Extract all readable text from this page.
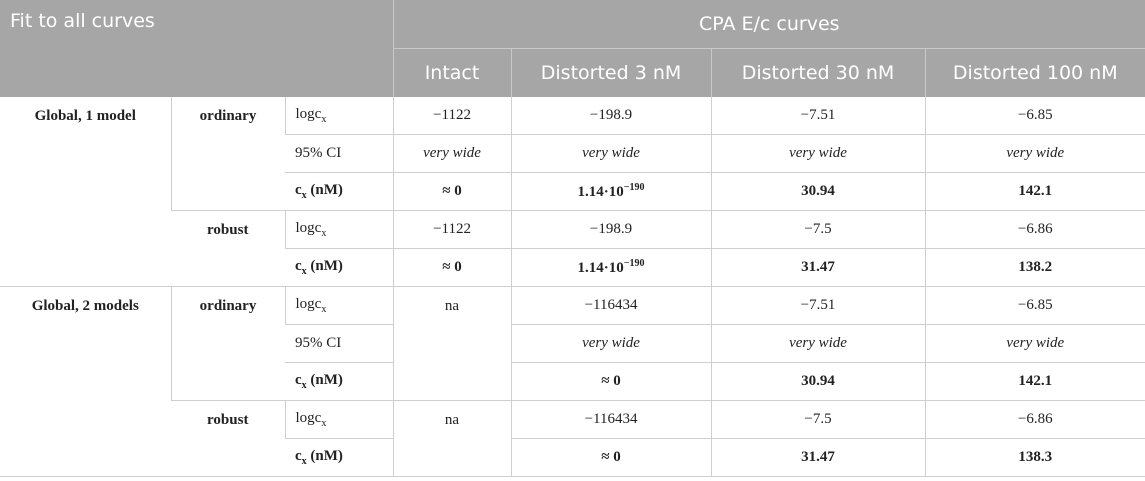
Fit to all curves			CPA E/c curves			
			Intact	Distorted 3 nM	Distorted 30 nM	Distorted 100 nM
Global, 1 model	ordinary	logc$_x$	−1122	−198.9	−7.51	−6.85
		95% CI	very wide	very wide	very wide	very wide
		$c_x$ (nM)	≈ 0	$1.14\cdot 10^{-190}$	30.94	142.1
	robust	logc$_x$	−1122	−198.9	−7.5	−6.86
		$c_x$ (nM)	≈ 0	$1.14\cdot 10^{-190}$	31.47	138.2
Global, 2 models	ordinary	logc$_x$	na	−116434	−7.51	−6.85
		95% CI		very wide	very wide	very wide
		$c_x$ (nM)		≈ 0	30.94	142.1
	robust	logc$_x$	na	−116434	−7.5	−6.86
		$c_x$ (nM)		≈ 0	31.47	138.3
